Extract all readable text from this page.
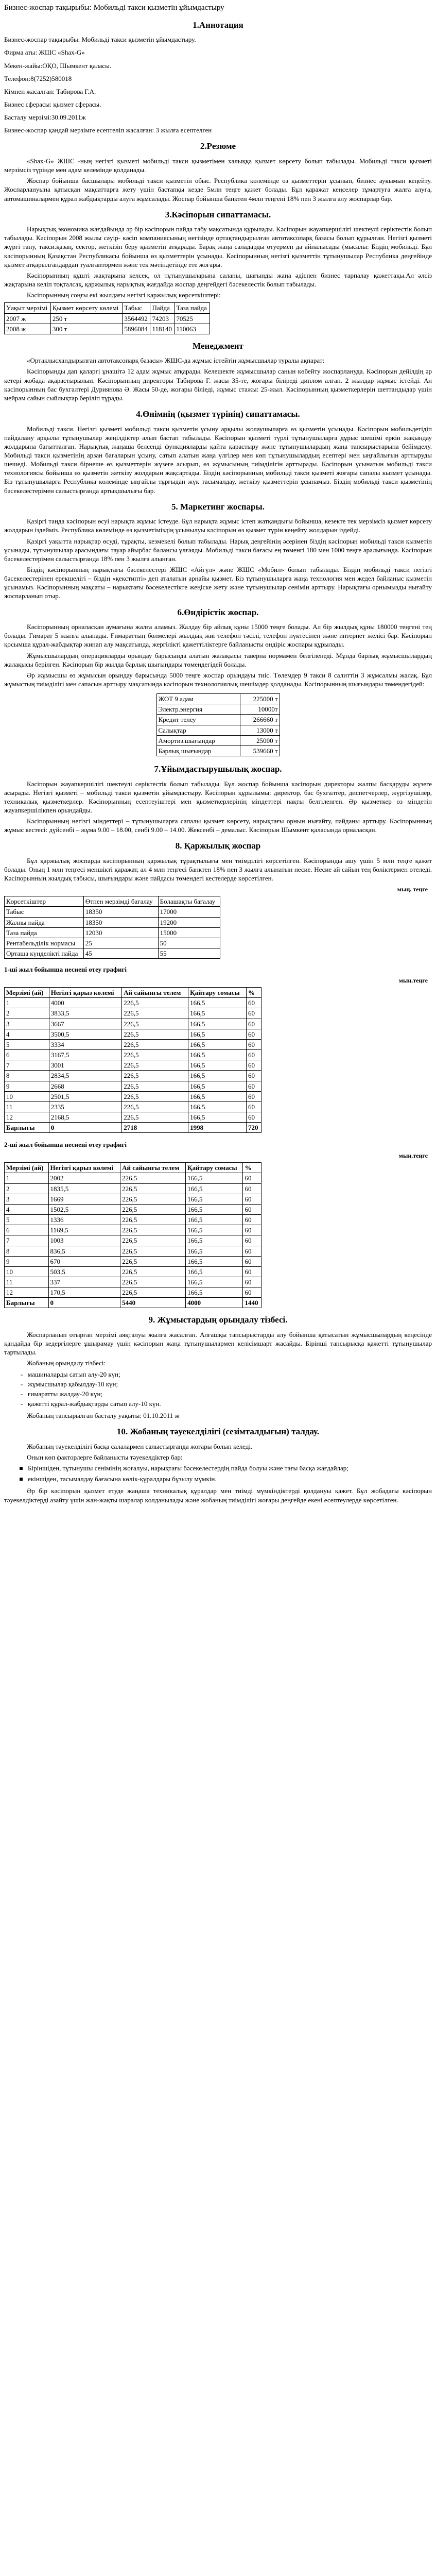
Бизнес-жоспар тақырыбы: Мобильді такси қызметін ұйымдастыру

1.Аннотация

Бизнес-жоспар тақырыбы: Мобильді такси қызметін ұйымдастыру.

Фирма аты: ЖШС «Shax-G»

Мекен-жайы:ОҚО, Шымкент қаласы.

Телефон:8(7252)580018

Кімнен жасалған: Табирова Г.А.

Бизнес сферасы: қызмет сферасы.

Басталу мерзімі:30.09.2011ж

Бизнес-жоспар қандай мерзімге есептеліп жасалған: 3 жылға есептелген

2.Резюме

«Shax-G» ЖШС -ның негізгі қызметі мобильді такси қызметімен халыққа қызмет көрсету болып табылады. Мобильді такси қызметі мерзімсіз түрінде мен адам келемінде қолданады.

Жоспар бойынша басшылары мобильді такси қызметін обыс. Республика көлемінде өз қызметтерін ұсынып, бизнес аукымын кеңейту. Жоспарлануына қатысқан мақсаттарға жету үшін бастапқы кезде 5млн теңге қажет болады. Бұл қаражат кеңселер тұмартуға жалға алуға, автомашиналармен құрал жабдықтарды алуға жұмсалады. Жоспар бойынша банктен 4млн теңгені 18% пен 3 жылға алу жоспарлар бар.

3.Кәсіпорын сипаттамасы.

Нарықтық экономика жағдайында әр бір кәсіпорын пайда табу мақсатында құрылады. Кәсіпорын жауапкершілігі шектеулі серіктестік болып табылады. Кәсіпорын 2008 жылы сәуір- кәсіп компаниясының негізінде ортақтандырылған автотаксопарқ базасы болып құрылған. Негізгі қызметі жүргі тану, такси.қазаң, сектор, жеткізіп беру қызметін атқарады. Барақ жаңа саладарды өтуермен да айналысады (мысалы: Біздің мобильді. Бұл кәсіпорынның Қазақстан Республикасы бойынша өз қызметтерін ұсынады. Кәсіпорынның негізгі қызметтін тұтынушылар Республика деңгейінде қызмет атқарылғандардан туалғантормен және тек мәтіндетінде ете жоғары.

Кәсіпорынның құшті жақтарына келсек, ол тұтынушыларына саланы, шағынды жаңа әдіспен бизнес тарпалау қажеттақы.Ал әлсіз жақтарына келіп тоқталсақ, қаржылық нарықтық жағдайда жоспар деңгейдегі бәсекелестік болып табылады.

Кәсіпорынның соңғы екі жылдағы негізгі қаржылық көрсеткіштері:

Уақыт мерзімі	Қызмет көрсету көлемі	Табыс	Пайда	Таза пайда
2007 ж	250 т	3564492	74203	70525
2008 ж	300 т	5896084	118140	110063
Менеджмент

«Ортаклысхандырылған автотаксопарқ базасы» ЖШС-да жұмыс істейтін жұмысшылар туралы ақпарат:

Кәсіпорынды дап қаларғі ұнашітә 12 адам жұмыс атқарады. Келешекте жұмысшылар санын көбейту жоспарлануда. Кәсіпорын дейілдің әр кетері жобада ақарастырылып. Кәсіпорынның директоры Табирова Г. жасы 35-те, жоғары біліреді диплом алған. 2 жылдар жұмыс істейді. Ал кәсіпорынның бас бухгалтері Дуриянова Ә. Жасы 50-де, жоғары біліеді, жұмыс стажы: 25-жыл. Кәсіпорынның қызметкерлерін шеттандыдар үшін мейрам сайын сыйлықтар беріліп тұрады.

4.Өнімнің (қызмет түрінің) сипаттамасы.

Мобильді такси. Негізгі қызметі мобильді такси қызметін ұсыну арқылы жолаушыларға өз қызметін ұсынады. Кәсіпорын мобильдетідіп пайдалану арқылы тұтынушылар жеңілдіктер алып бастап табылады. Кәсіпорын қызметі түрлі тұтынушыларға дұрыс шешімі еркін жақындау жолдарына бағытталған. Нарықтық жаңаша белсенді функцияларды қайта қарастыру және тұтынушылардың жаңа тапсырыстарына бейімделу. Мобильді такси қызметінің арзан бағаларын ұсыну, сатып алатын жаңа үлгілер мен көп тұтынушылардың есептері мен ыңғайлығын арттыруды шешеді. Мобильді такси бірнеше өз қызметтерін жүзеге асырып, өз жұмысының тиімділігін арттырады. Кәсіпорын ұсынатын мобильді такси технологиясы бойынша өз қызметін жеткізу жолдарын жақсартады. Біздің кәсіпорынның мобильді такси қызметі жоғары сапалы кызмет ұсынады. Біз тұтынушыларға Республика көлемінде ыңғайлы тұрғыдан жүк тасымалдау, жеткізу қызметтерін ұсынамыз. Біздің мобильді такси қызметінің бәсекелестерімен салыстырғанда артықшылығы бар.

5. Маркетинг жоспары.

Қазіргі таңда кәсіпорын өсуі нарықта жұмыс істеуде. Бұл нарықта жұмыс істеп жатқандығы бойынша, кезекте тек мерзімсіз қызмет көрсету жолдарын іздейміз. Республика көлемінде өз қызметіміздің ұсынылуы кәсіпорын өз қызмет түрін кеңейту жолдарын іздейді.

Қазіргі уақытта нарықтар өсуді, тұрақты, кезмекелі болып табылады. Нарық деңгейінің әсерінен біздің кәсіпорын мобильді такси қызметін ұсынады, тұтынушылар арасындағы тауар айырбас балансы ұлғаяды. Мобильді такси бағасы ең төменгі 180 мен 1000 теңге аралығында. Кәсіпорын бәсекелестерімен салыстырғанда 18% пен 3 жылға алынған.

Біздің кәсіпорынның нарықтағы бәсекелестері ЖШС «Айгүл» және ЖШС «Мобил» болып табылады. Біздің мобильді такси негізгі бәсекелестерінен ерекшелігі – біздің «қекстипті» деп аталатын арнайы қызмет. Біз тұтынушыларға жаңа технология мен жедел байланыс қызметін ұсынамыз. Кәсіпорынның мақсаты – нарықтағы бәсекелестікте жеңіске жету және тұтынушылар сенімін арттыру. Нарықтағы орнымызды нығайту жоспарланып отыр.

6.Өндірістік жоспар.

Кәсіпорынның орналасқан аумағына жалға аламыз. Жалдау бір айлық құны 15000 теңге болады. Ал бір жылдық құны 180000 теңгені тең болады. Гимарат 5 жылға алынады. Ғимараттың бөлмелері жылдық жиі телефон тәсілі, телефон нүктесінен және интернет желісі бар. Кәсіпорын қосымша құрал-жабдықтар жинап алу мақсатында, жергілікті қажеттіліктерге байланысты өндіріс жоспары құрылады.

Жұмысшылардың операцияларды орындау барысында алатын жалақысы таверна нормамен белгіленеді. Мұнда барлық жұмысшылардың жалақысы берілген. Кәсіпорын бір жылда барлық шығындары төмендегідей болады.

Әр жұмысшы өз жұмысын орындау барысында 5000 теңге жоспар орындауы тиіс. Төлемдер 9 такси 8 салиттін 3 жұмсалмы жалақ. Бұл жұмыстың тиімділігі мен сапасын арттыру мақсатында кәсіпорын технологиялық шешімдер қолданады. Кәсіпорынның шығындары төмендегідей:

ЖОТ 9 адам	225000 т
Электр.энергия	10000т
Кредит телеу	266660 т
Салықтар	13000 т
Амортиз.шығындар	25000 т
Барлық шығындар	539660 т
7.Ұйымдастырушылық жоспар.

Кәсіпорын жауапкершілігі шектеулі серіктестік болып табылады. Бұл жоспар бойынша кәсіпорын директоры жалпы басқаруды жүзеге асырады. Негізгі қызметі – мобильді такси қызметін ұйымдастыру. Кәсіпорын құрылымы: директор, бас бухгалтер, диспетчерлер, жүргізушілер, техникалық қызметкерлер. Кәсіпорынның есептеуіштері мен қызметкерлерінің міндеттері нақты белгіленген. Әр қызметкер өз міндетін жауапкершілікпен орындайды.

Кәсіпорынның негізгі міндеттері – тұтынушыларға сапалы қызмет көрсету, нарықтағы орнын нығайту, пайданы арттыру. Кәсіпорынның жұмыс кестесі: дүйсенбі – жұма 9.00 – 18.00, сенбі 9.00 – 14.00. Жексенбі – демалыс. Кәсіпорын Шымкент қаласында орналасқан.

8. Қаржылық жоспар

Бұл қаржылық жоспарда кәсіпорынның қаржылық тұрақтылығы мен тиімділігі көрсетілген. Кәсіпорынды ашу үшін 5 млн теңге қажет болады. Оның 1 млн теңгесі меншікті қаражат, ал 4 млн теңгесі банктен 18% пен 3 жылға алынатын несие. Несие ай сайын тең бөліктермен өтеледі. Кәсіпорынның жылдық табысы, шығындары және пайдасы төмендегі кестелерде көрсетілген.

мың. теңге

Көрсеткіштер	Өтпен мерзімді бағалау	Болашақты бағалау
Табыс	18350	17000
Жалпы пайда	18350	19200
Таза пайда	12030	15000
Рентабельділік нормасы	25	50
Орташа күнделікті пайда	45	55

1-ші жыл бойынша несиені өтеу графигі

мың.теңге

Мерзімі (ай)	Негізгі қарыз көлемі	Ай сайынғы телем	Қайтару сомасы	%
1	4000	226,5	166,5	60
2	3833,5	226,5	166,5	60
3	3667	226,5	166,5	60
4	3500,5	226,5	166,5	60
5	3334	226,5	166,5	60
6	3167,5	226,5	166,5	60
7	3001	226,5	166,5	60
8	2834,5	226,5	166,5	60
9	2668	226,5	166,5	60
10	2501,5	226,5	166,5	60
11	2335	226,5	166,5	60
12	2168,5	226,5	166,5	60
Барлығы	0	2718	1998	720

2-ші жыл бойынша несиені өтеу графигі

мың.теңге

Мерзімі (ай)	Негізгі қарыз көлемі	Ай сайынғы телем	Қайтару сомасы	%
1	2002	226,5	166,5	60
2	1835,5	226,5	166,5	60
3	1669	226,5	166,5	60
4	1502,5	226,5	166,5	60
5	1336	226,5	166,5	60
6	1169,5	226,5	166,5	60
7	1003	226,5	166,5	60
8	836,5	226,5	166,5	60
9	670	226,5	166,5	60
10	503,5	226,5	166,5	60
11	337	226,5	166,5	60
12	170,5	226,5	166,5	60
Барлығы	0	5440	4000	1440
9. Жұмыстардың орындалу тізбесі.

Жоспарланып отырған мерзімі аяқталуы жылға жасалған. Алғашқы тапсырыстарды алу бойынша қатысатын жұмысшылардың кеңесінде қандайда бір кедергілерге ұшырамау үшін кәсіпорын жаңа тұтынушылармен келісімшарт жасайды. Бірінші тапсырысқа қажетті тұтынушылар тартылады.

Жобаның орындалу тізбесі:

- машиналарды сатып алу-20 күн;
- жұмысшылар қабылдау-10 күн;
- ғимаратты жалдау-20 күн;
- қажетті құрал-жабдықтарды сатып алу-10 күн.

Жобаның тапсырылған басталу уақыты: 01.10.2011 ж

10. Жобаның тәуекелділігі (сезімталдығын) талдау.

Жобаның тәуекелділігі басқа салалармен салыстырғанда жоғары болып келеді.

Оның көп факторлерге байланысты тәуекелдіктер бар:

Біріншіден, тұтынушы сенімінің жоғалуы, нарықтағы бәсекелестердің пайда болуы және тағы басқа жағдайлар;
екіншіден, тасымалдау бағасына көлік-құралдары бұзылу мүмкін.

Әр бір кәсіпорын қызмет етуде жаңаша техникалық құралдар мен тиімді мүмкіндіктерді қолдануы қажет. Бұл жобадағы кәсіпорын тәуекелдіктерді азайту үшін жан-жақты шаралар қолданылады және жобаның тиімділігі жоғары деңгейде екені есептеулерде көрсетілген.
